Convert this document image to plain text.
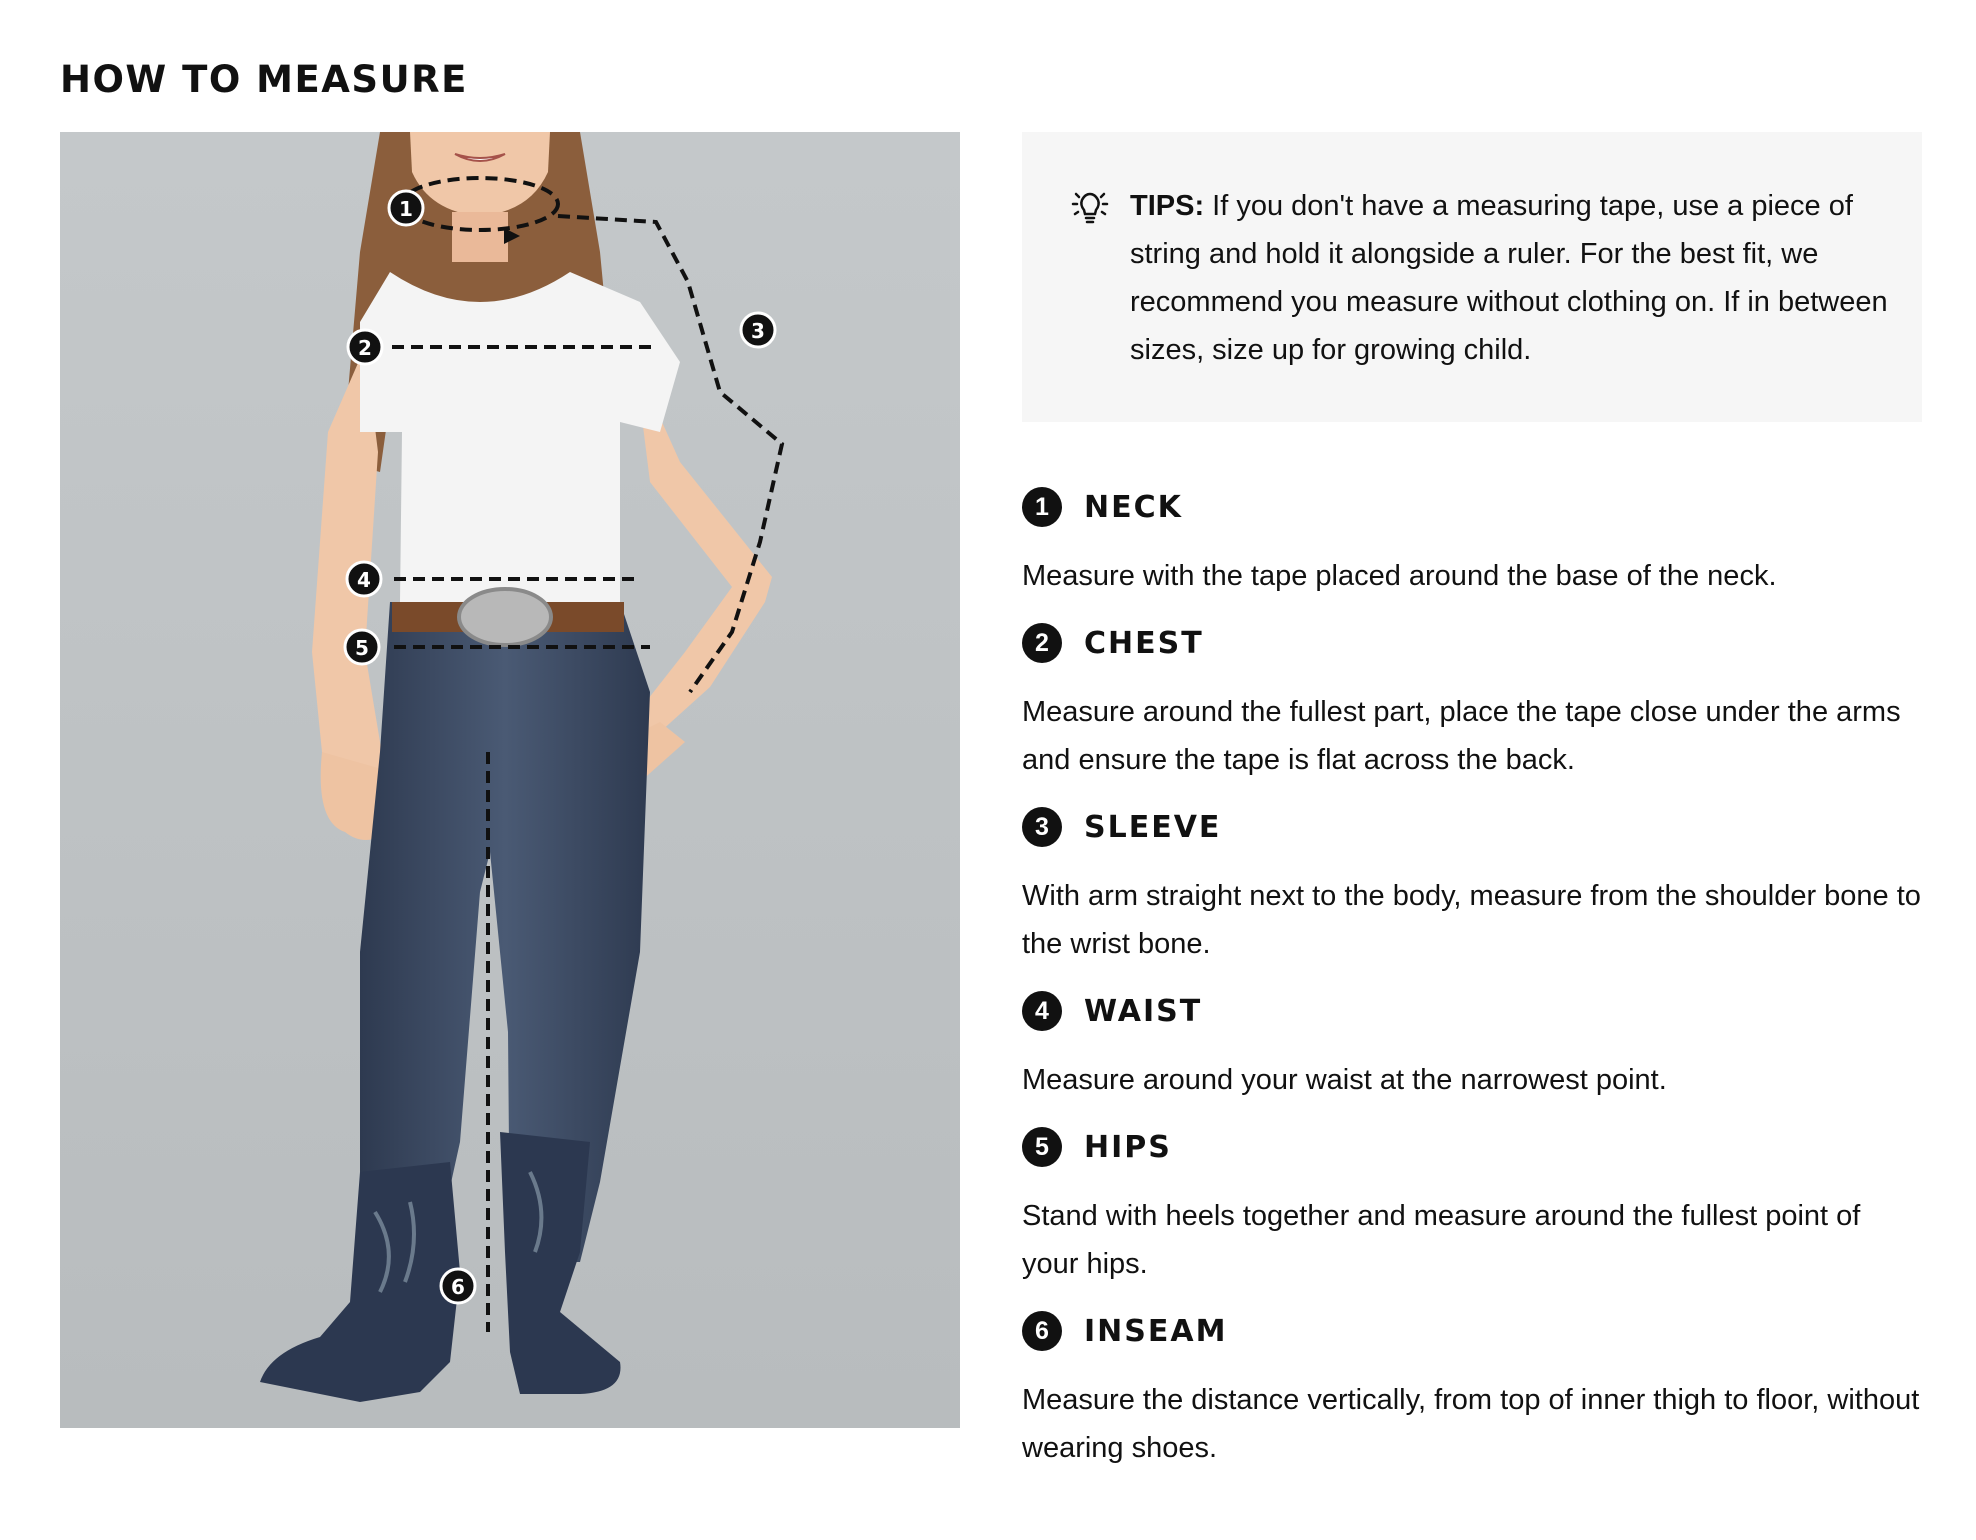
HOW TO MEASURE
1
2
3
4
5
6

TIPS: If you don't have a measuring tape, use a piece of string and hold it alongside a ruler. For the best fit, we recommend you measure without clothing on. If in between sizes, size up for growing child.

1	NECK

Measure with the tape placed around the base of the neck.

2	CHEST

Measure around the fullest part, place the tape close under the arms and ensure the tape is flat across the back.

3	SLEEVE

With arm straight next to the body, measure from the shoulder bone to the wrist bone.

4	WAIST

Measure around your waist at the narrowest point.

5	HIPS

Stand with heels together and measure around the fullest point of your hips.

6	INSEAM

Measure the distance vertically, from top of inner thigh to floor, without wearing shoes.
